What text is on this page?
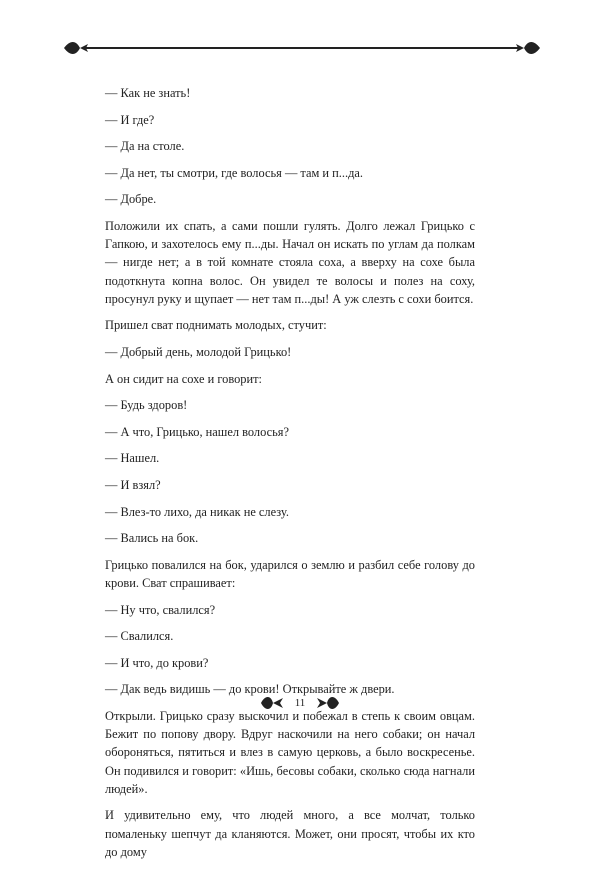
— Как не знать!

— И где?

— Да на столе.

— Да нет, ты смотри, где волосья — там и п...да.

— Добре.

Положили их спать, а сами пошли гулять. Долго лежал Грицько с Гапкою, и захотелось ему п...ды. Начал он искать по углам да полкам — нигде нет; а в той комнате стояла соха, а вверху на сохе была подоткнута копна волос. Он увидел те волосы и полез на соху, просунул руку и щупает — нет там п...ды! А уж слезть с сохи боится.

Пришел сват поднимать молодых, стучит:

— Добрый день, молодой Грицько!

А он сидит на сохе и говорит:

— Будь здоров!

— А что, Грицько, нашел волосья?

— Нашел.

— И взял?

— Влез-то лихо, да никак не слезу.

— Вались на бок.

Грицько повалился на бок, ударился о землю и разбил себе голову до крови. Сват спрашивает:

— Ну что, свалился?

— Свалился.

— И что, до крови?

— Дак ведь видишь — до крови! Открывайте ж двери.

Открыли. Грицько сразу выскочил и побежал в степь к своим овцам. Бежит по попову двору. Вдруг наскочили на него собаки; он начал обороняться, пятиться и влез в самую церковь, а было воскресенье. Он подивился и говорит: «Ишь, бесовы собаки, сколько сюда нагнали людей».

И удивительно ему, что людей много, а все молчат, только помаленьку шепчут да кланяются. Может, они просят, чтобы их кто до дому

11
